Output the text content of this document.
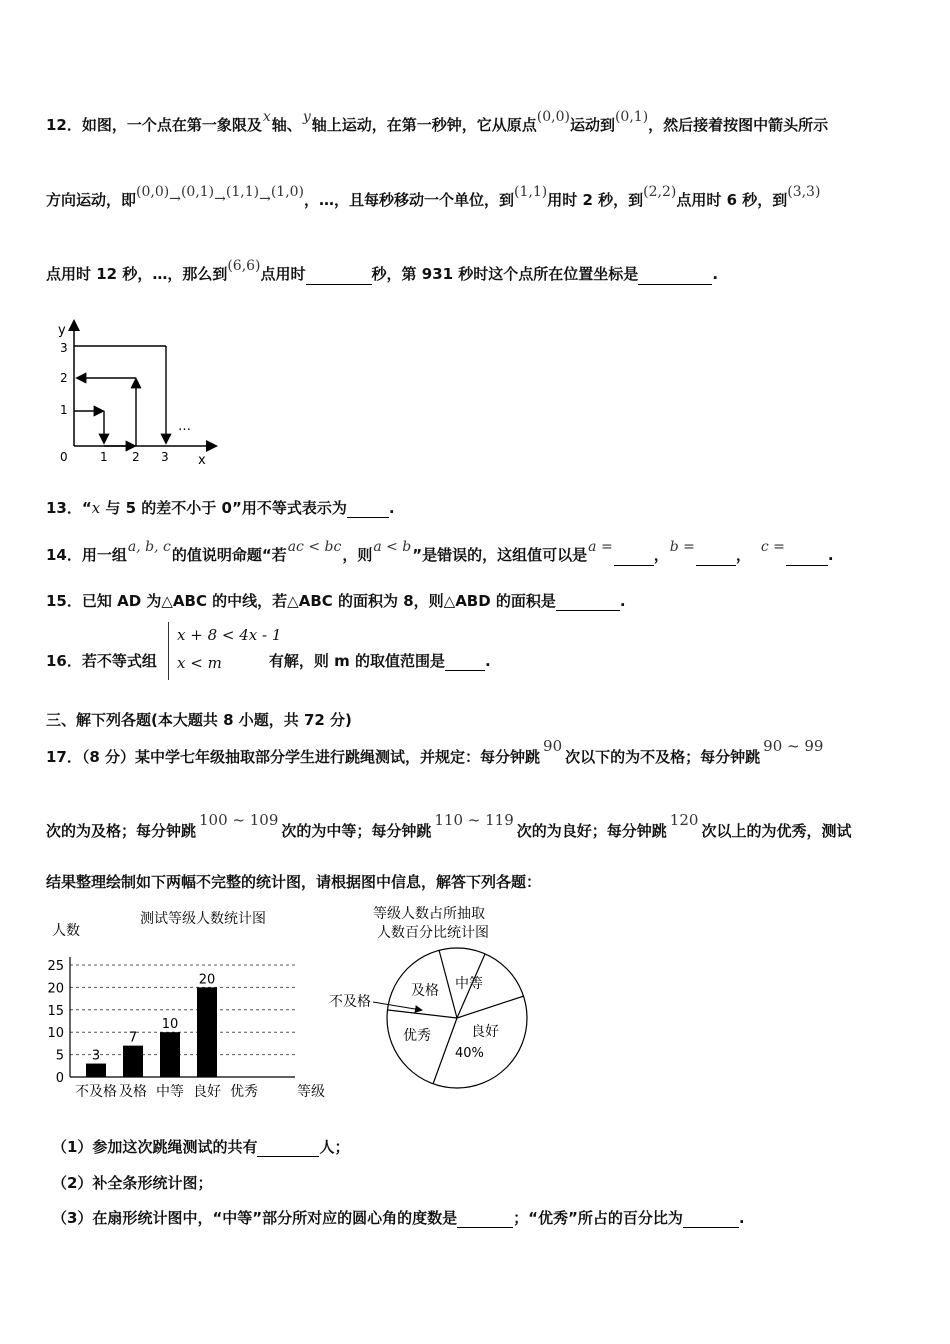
12．如图，一个点在第一象限及x轴、y轴上运动，在第一秒钟，它从原点(0,0)运动到(0,1)，然后接着按图中箭头所示
方向运动，即(0,0)→(0,1)→(1,1)→(1,0)，…，且每秒移动一个单位，到(1,1)用时 2 秒，到(2,2)点用时 6 秒，到(3,3)
点用时 12 秒，…，那么到(6,6)点用时	秒，第 931 秒时这个点所在位置坐标是	.
y
x
3
2
1
0	1 2 3
…
13．“x 与 5 的差不小于 0”用不等式表示为	.
14．用一组a, b, c的值说明命题“若ac < bc，则a < b”是错误的，这组值可以是a =	，b =	， c =	.
15．已知 AD 为△ABC 的中线，若△ABC 的面积为 8，则△ABD 的面积是	.
16．若不等式组	有解，则 m 的取值范围是	.
x + 8 < 4x - 1
x < m
三、解下列各题(本大题共 8 小题，共 72 分)
17．（8 分）某中学七年级抽取部分学生进行跳绳测试，并规定：每分钟跳90次以下的为不及格；每分钟跳90 ~ 99
次的为及格；每分钟跳100 ~ 109次的为中等；每分钟跳110 ~ 119次的为良好；每分钟跳120次以上的为优秀，测试
结果整理绘制如下两幅不完整的统计图，请根据图中信息，解答下列各题：
测试等级人数统计图
人数
3
7
10
20
0
5
10
15
20
25
不及格 及格 中等 良好 优秀	等级
等级人数占所抽取
人数百分比统计图
及格 中等
良好
40%
优秀
不及格
（1）参加这次跳绳测试的共有	人；
（2）补全条形统计图；
（3）在扇形统计图中，“中等”部分所对应的圆心角的度数是	；“优秀”所占的百分比为	.
